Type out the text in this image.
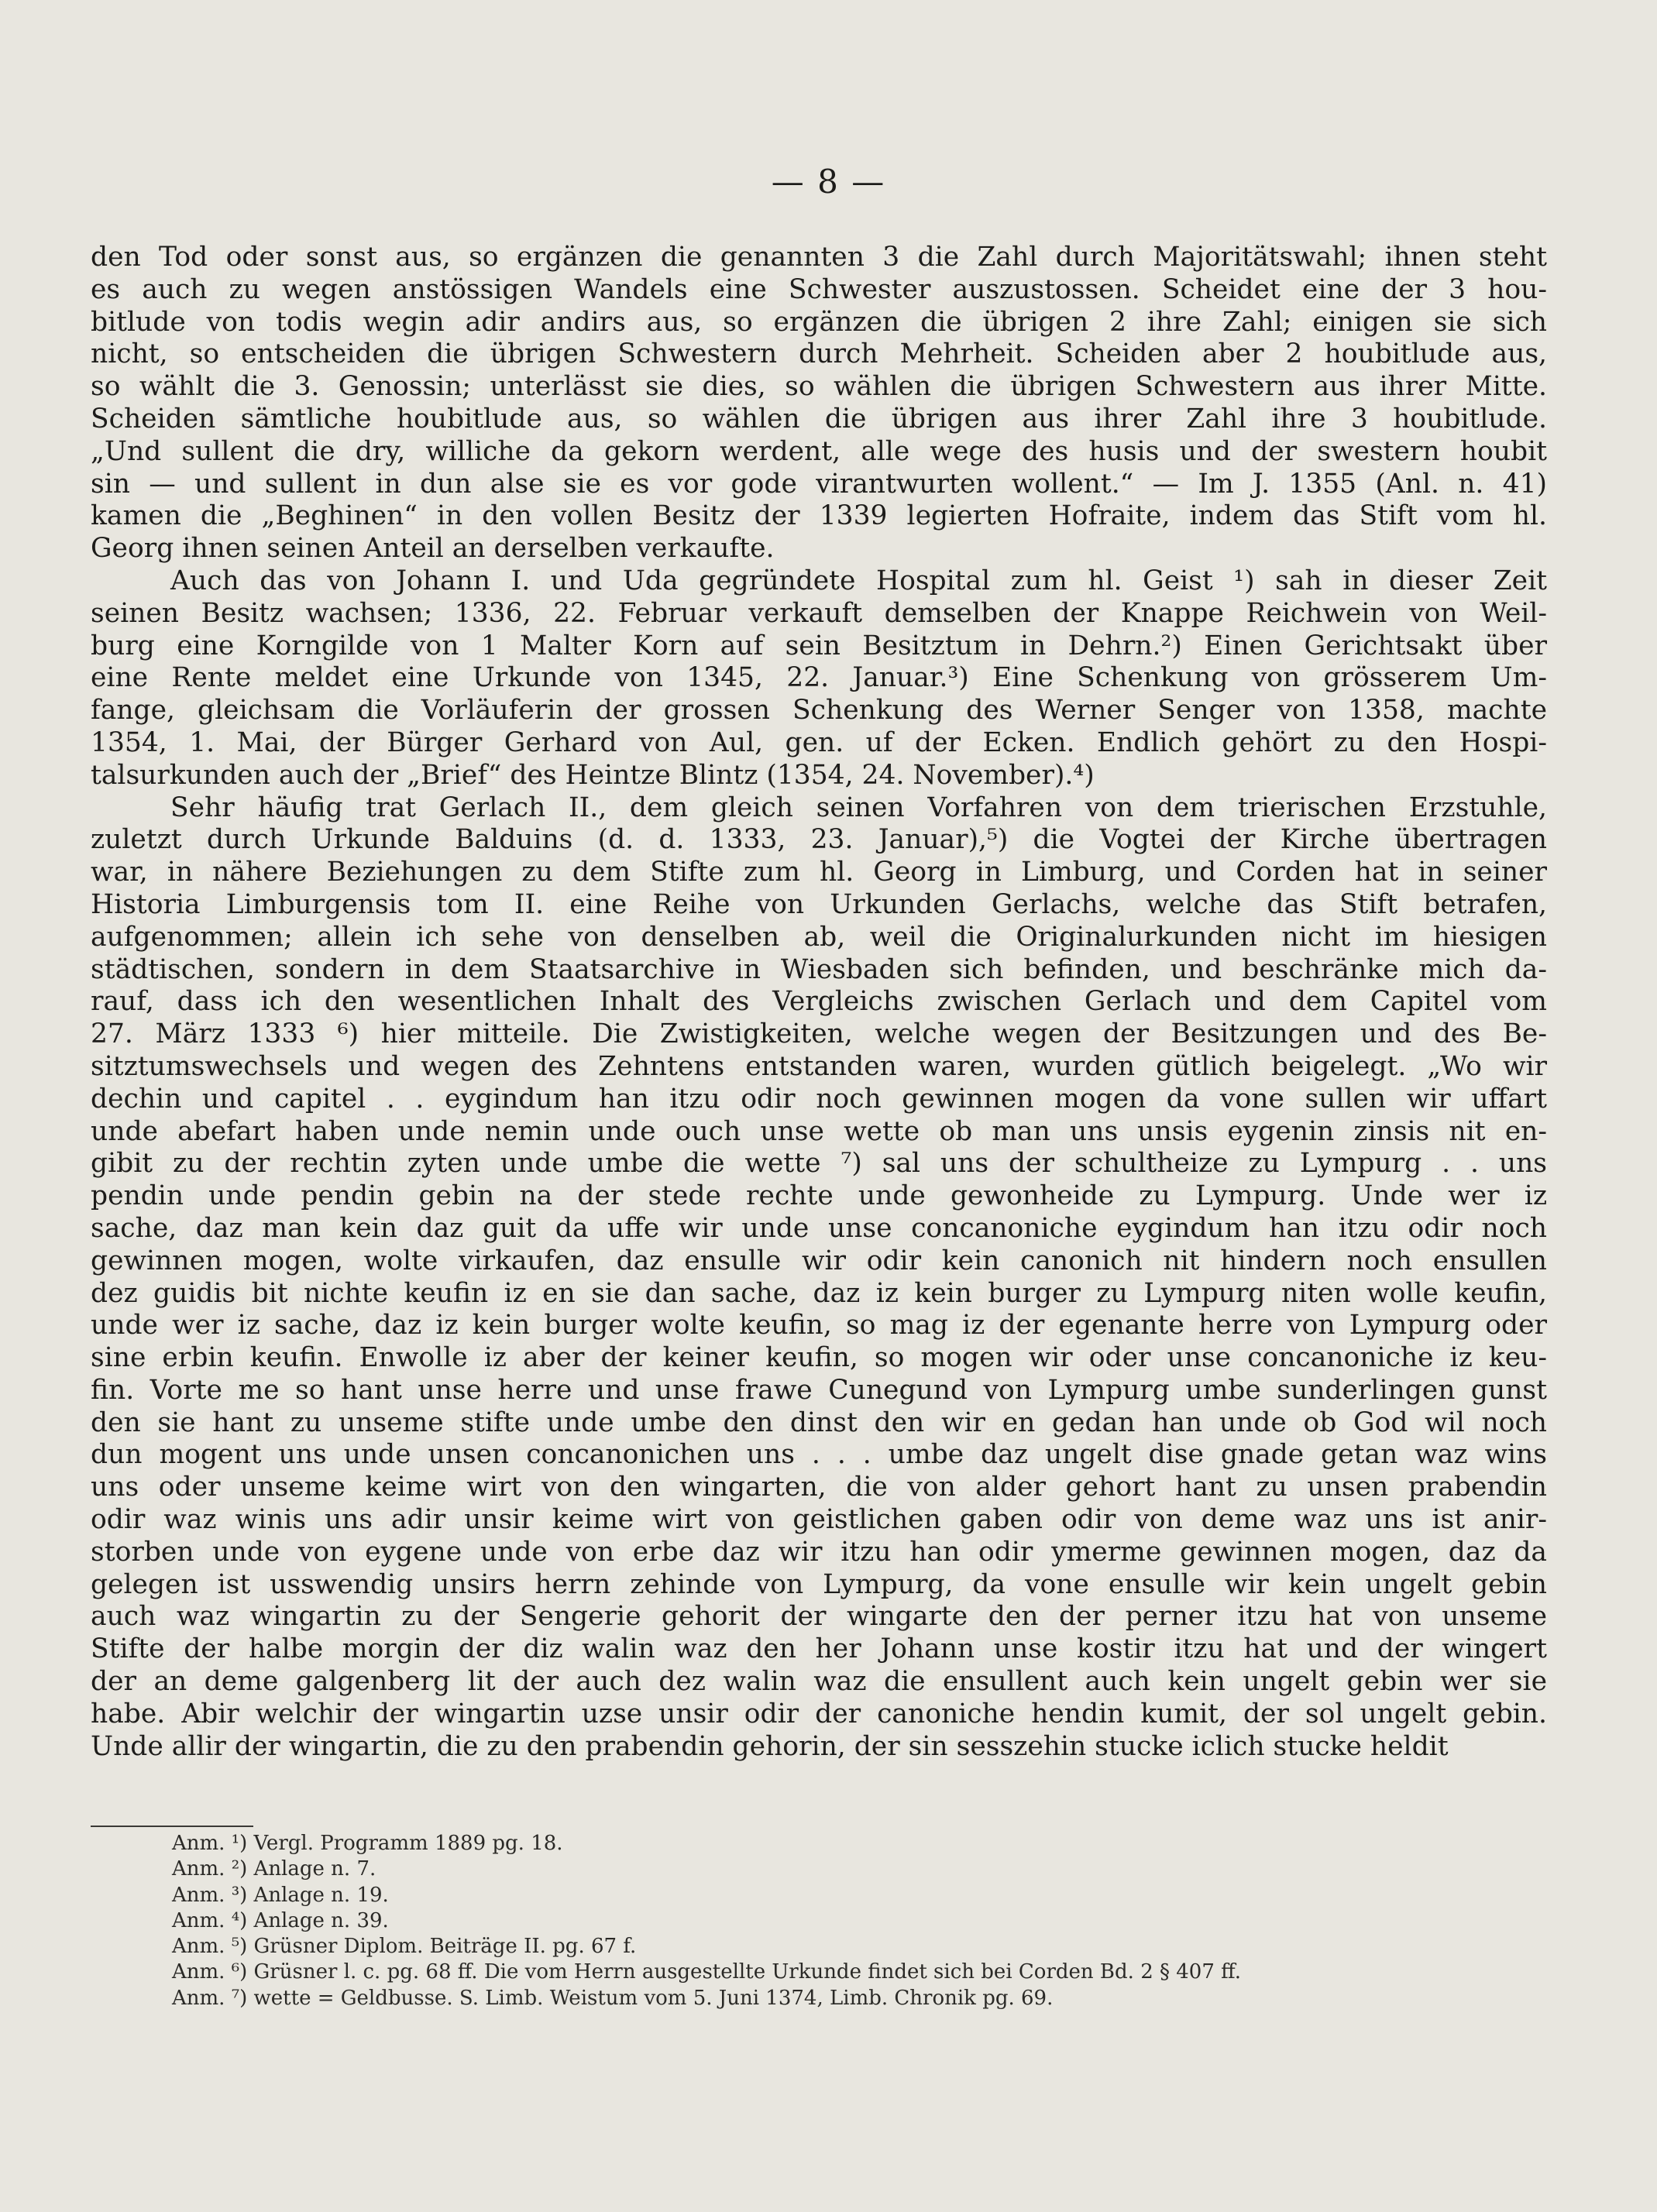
— 8 —
den Tod oder sonst aus, so ergänzen die genannten 3 die Zahl durch Majoritätswahl; ihnen steht
es auch zu wegen anstössigen Wandels eine Schwester auszustossen. Scheidet eine der 3 hou-
bitlude von todis wegin adir andirs aus, so ergänzen die übrigen 2 ihre Zahl; einigen sie sich
nicht, so entscheiden die übrigen Schwestern durch Mehrheit. Scheiden aber 2 houbitlude aus,
so wählt die 3. Genossin; unterlässt sie dies, so wählen die übrigen Schwestern aus ihrer Mitte.
Scheiden sämtliche houbitlude aus, so wählen die übrigen aus ihrer Zahl ihre 3 houbitlude.
„Und sullent die dry, williche da gekorn werdent, alle wege des husis und der swestern houbit
sin — und sullent in dun alse sie es vor gode virantwurten wollent.“ — Im J. 1355 (Anl. n. 41)
kamen die „Beghinen“ in den vollen Besitz der 1339 legierten Hofraite, indem das Stift vom hl.
Georg ihnen seinen Anteil an derselben verkaufte.
Auch das von Johann I. und Uda gegründete Hospital zum hl. Geist ¹) sah in dieser Zeit
seinen Besitz wachsen; 1336, 22. Februar verkauft demselben der Knappe Reichwein von Weil-
burg eine Korngilde von 1 Malter Korn auf sein Besitztum in Dehrn.²) Einen Gerichtsakt über
eine Rente meldet eine Urkunde von 1345, 22. Januar.³) Eine Schenkung von grösserem Um-
fange, gleichsam die Vorläuferin der grossen Schenkung des Werner Senger von 1358, machte
1354, 1. Mai, der Bürger Gerhard von Aul, gen. uf der Ecken. Endlich gehört zu den Hospi-
talsurkunden auch der „Brief“ des Heintze Blintz (1354, 24. November).⁴)
Sehr häufig trat Gerlach II., dem gleich seinen Vorfahren von dem trierischen Erzstuhle,
zuletzt durch Urkunde Balduins (d. d. 1333, 23. Januar),⁵) die Vogtei der Kirche übertragen
war, in nähere Beziehungen zu dem Stifte zum hl. Georg in Limburg, und Corden hat in seiner
Historia Limburgensis tom II. eine Reihe von Urkunden Gerlachs, welche das Stift betrafen,
aufgenommen; allein ich sehe von denselben ab, weil die Originalurkunden nicht im hiesigen
städtischen, sondern in dem Staatsarchive in Wiesbaden sich befinden, und beschränke mich da-
rauf, dass ich den wesentlichen Inhalt des Vergleichs zwischen Gerlach und dem Capitel vom
27. März 1333 ⁶) hier mitteile. Die Zwistigkeiten, welche wegen der Besitzungen und des Be-
sitztumswechsels und wegen des Zehntens entstanden waren, wurden gütlich beigelegt. „Wo wir
dechin und capitel . . eygindum han itzu odir noch gewinnen mogen da vone sullen wir uffart
unde abefart haben unde nemin unde ouch unse wette ob man uns unsis eygenin zinsis nit en-
gibit zu der rechtin zyten unde umbe die wette ⁷) sal uns der schultheize zu Lympurg . . uns
pendin unde pendin gebin na der stede rechte unde gewonheide zu Lympurg. Unde wer iz
sache, daz man kein daz guit da uffe wir unde unse concanoniche eygindum han itzu odir noch
gewinnen mogen, wolte virkaufen, daz ensulle wir odir kein canonich nit hindern noch ensullen
dez guidis bit nichte keufin iz en sie dan sache, daz iz kein burger zu Lympurg niten wolle keufin,
unde wer iz sache, daz iz kein burger wolte keufin, so mag iz der egenante herre von Lympurg oder
sine erbin keufin. Enwolle iz aber der keiner keufin, so mogen wir oder unse concanoniche iz keu-
fin. Vorte me so hant unse herre und unse frawe Cunegund von Lympurg umbe sunderlingen gunst
den sie hant zu unseme stifte unde umbe den dinst den wir en gedan han unde ob God wil noch
dun mogent uns unde unsen concanonichen uns . . . umbe daz ungelt dise gnade getan waz wins
uns oder unseme keime wirt von den wingarten, die von alder gehort hant zu unsen prabendin
odir waz winis uns adir unsir keime wirt von geistlichen gaben odir von deme waz uns ist anir-
storben unde von eygene unde von erbe daz wir itzu han odir ymerme gewinnen mogen, daz da
gelegen ist usswendig unsirs herrn zehinde von Lympurg, da vone ensulle wir kein ungelt gebin
auch waz wingartin zu der Sengerie gehorit der wingarte den der perner itzu hat von unseme
Stifte der halbe morgin der diz walin waz den her Johann unse kostir itzu hat und der wingert
der an deme galgenberg lit der auch dez walin waz die ensullent auch kein ungelt gebin wer sie
habe. Abir welchir der wingartin uzse unsir odir der canoniche hendin kumit, der sol ungelt gebin.
Unde allir der wingartin, die zu den prabendin gehorin, der sin sesszehin stucke iclich stucke heldit
Anm. ¹) Vergl. Programm 1889 pg. 18.
Anm. ²) Anlage n. 7.
Anm. ³) Anlage n. 19.
Anm. ⁴) Anlage n. 39.
Anm. ⁵) Grüsner Diplom. Beiträge II. pg. 67 f.
Anm. ⁶) Grüsner l. c. pg. 68 ff. Die vom Herrn ausgestellte Urkunde findet sich bei Corden Bd. 2 § 407 ff.
Anm. ⁷) wette = Geldbusse. S. Limb. Weistum vom 5. Juni 1374, Limb. Chronik pg. 69.
